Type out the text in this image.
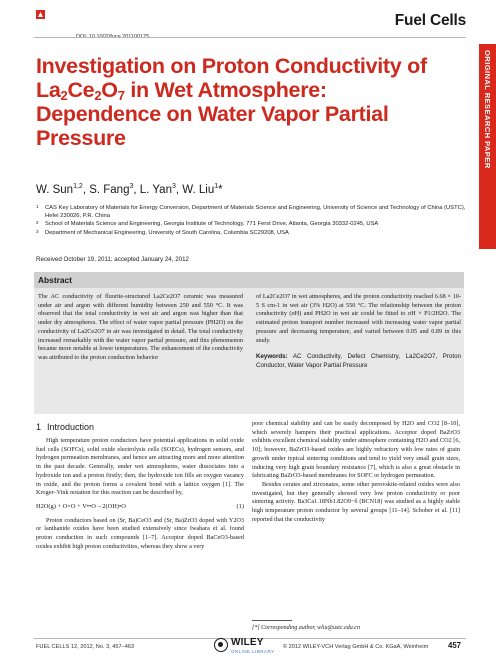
Fuel Cells
ORIGINAL RESEARCH PAPER
Investigation on Proton Conductivity of
$La_2Ce_2O_7$ in Wet Atmosphere:
Dependence on Water Vapor Partial
Pressure
W. Sun$^{1,2}$, S. Fang$^3$, L. Yan$^3$, W. Liu$^1$*
1 CAS Key Laboratory of Materials for Energy Conversion, Department of Materials Science and Engineering, University of Science and Technology of China (USTC), Hefei 230026, P.R. China
2 School of Materials Science and Engineering, Georgia Institute of Technology, 771 Ferst Drive, Atlanta, Georgia 30332-0245, USA
3 Department of Mechanical Engineering, University of South Carolina, Columbia SC29208, USA
Received October 19, 2011; accepted January 24, 2012
Abstract
The AC conductivity of fluorite-structured La2Ce2O7 ceramic was measured under air and argon with different humidity between 250 and 550 °C. It was observed that the total conductivity in wet air and argon was higher than that under dry atmospheres. The effect of water vapor partial pressure (PH2O) on the conductivity of La2Ce2O7 in air was investigated in detail. The total conductivity increased remarkably with the water vapor partial pressure, and this phenomenon became more notable at lower temperatures. The enhancement of the conductivity was attributed to the proton conduction behavior
of La2Ce2O7 in wet atmospheres, and the proton conductivity reached 6.68 × 10-5 S cm-1 in wet air (3% H2O) at 550 °C. The relationship between the proton conductivity (σH) and PH2O in wet air could be fitted to σH × P1/2H2O. The estimated proton transport number increased with increasing water vapor partial pressure and decreasing temperature, and varied between 0.05 and 0.89 in this study.
Keywords: AC Conductivity, Defect Chemistry, La2Ce2O7, Proton Conductor, Water Vapor Partial Pressure
1 Introduction

High temperature proton conductors have potential applications in solid oxide fuel cells (SOFCs), solid oxide electrolysis cells (SOECs), hydrogen sensors, and hydrogen permeation membranes, and hence are attracting more and more attention in the past decade. Generally, under wet atmospheres, water dissociates into a hydroxide ion and a proton firstly; then, the hydroxide ion fills an oxygen vacancy in oxide, and the proton forms a covalent bond with a lattice oxygen [1]. The Kroger–Vink notation for this reaction can be described by,

H2O(g) + O×O + V••O→2(OH)•O	(1)

Proton conductors based on (Sr, Ba)CeO3 and (Sr, Ba)ZrO3 doped with Y2O3 or lanthanide oxides have been studied extensively since Iwahara et al. found proton conduction in such compounds [1–7]. Acceptor doped BaCeO3-based oxides exhibit high proton conductivities, whereas they show a very

poor chemical stability and can be easily decomposed by H2O and CO2 [8–10], which severely hampers their practical applications. Acceptor doped BaZrO3 exhibits excellent chemical stability under atmosphere containing H2O and CO2 [6, 10]; however, BaZrO3-based oxides are highly refractory with low rates of grain growth under typical sintering conditions and tend to yield very small grain sizes, inducing very high grain boundary resistance [7], which is also a great obstacle in fabricating BaZrO3-based membranes for SOFC or hydrogen permeation.

Besides cerates and zirconates, some other perovskite-related oxides were also investigated, but they generally showed very low proton conductivity or poor sintering activity. Ba3Ca1.18Nb1.82O9−δ (BCN18) was studied as a highly stable high temperature proton conductor by several groups [11–14]. Schober et al. [11] reported that the conductivity

[*] Corresponding author, wliu@ustc.edu.cn
FUEL CELLS 12, 2012, No. 3, 457–463	WILEY
ONLINE LIBRARY
© 2012 WILEY-VCH Verlag GmbH & Co. KGaA, Weinheim	457
